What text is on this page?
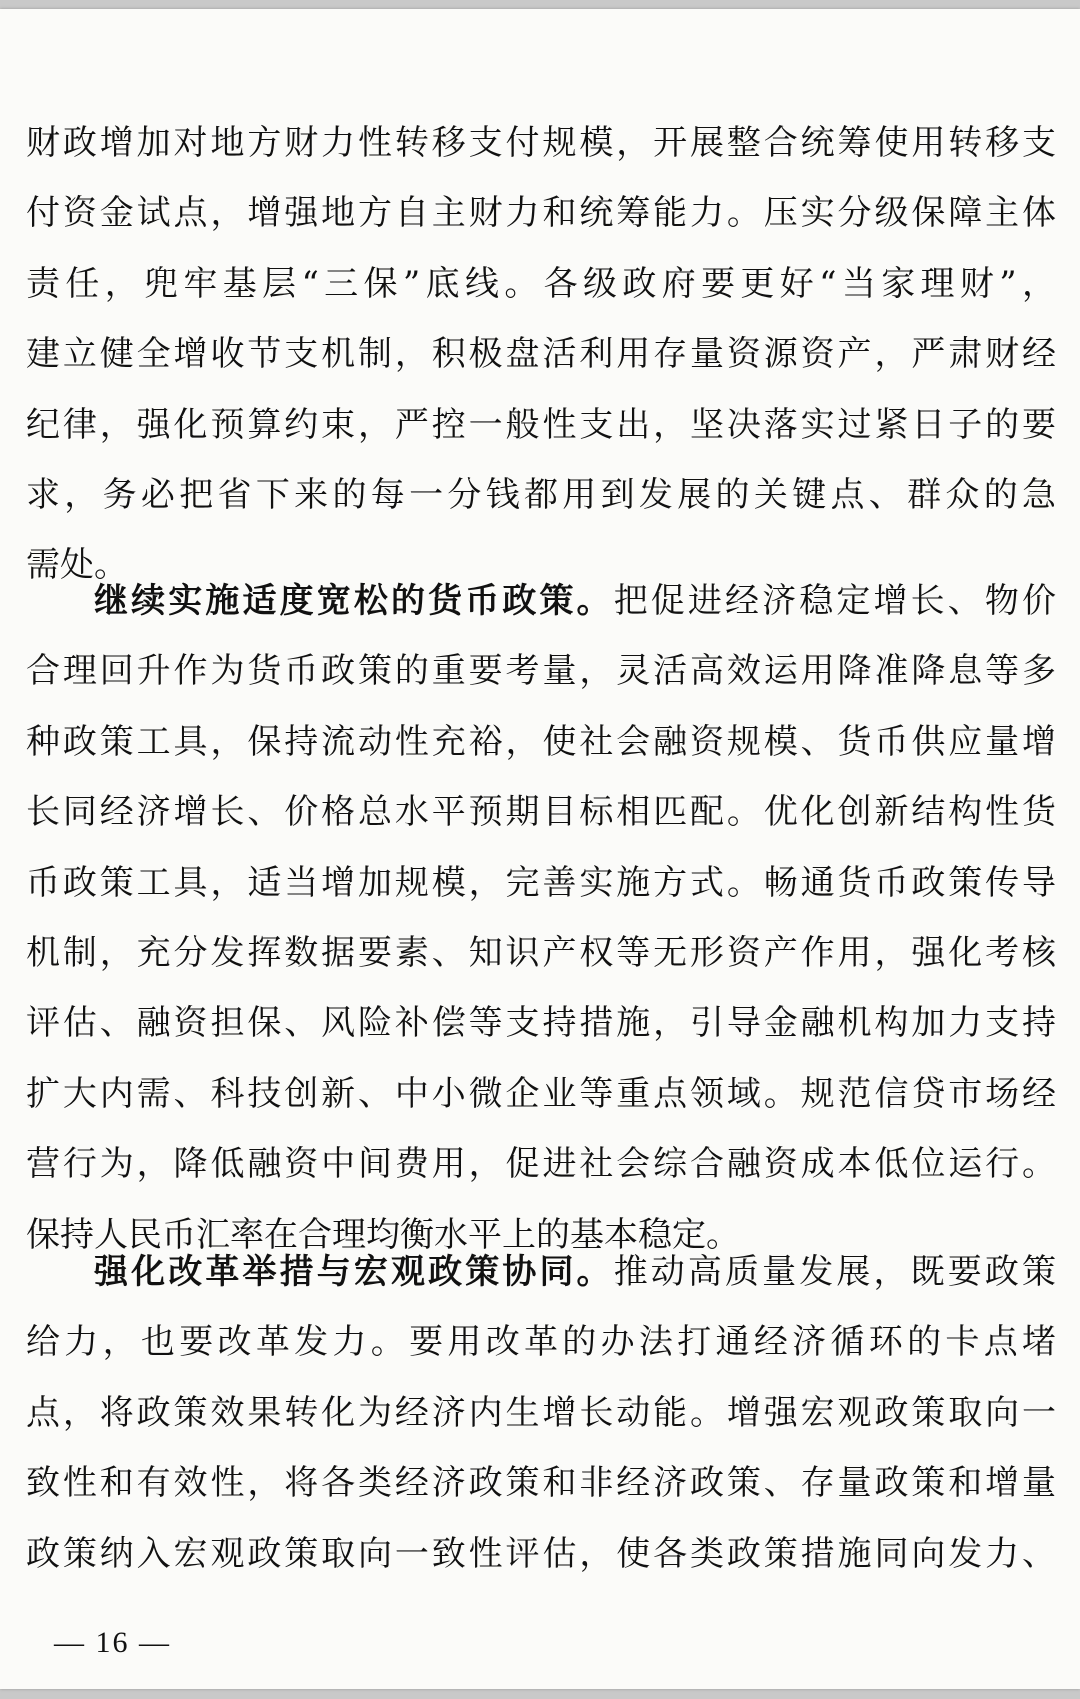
财政增加对地方财力性转移支付规模，开展整合统筹使用转移支
付资金试点，增强地方自主财力和统筹能力。压实分级保障主体
责任，兜牢基层“三保”底线。各级政府要更好“当家理财”，
建立健全增收节支机制，积极盘活利用存量资源资产，严肃财经
纪律，强化预算约束，严控一般性支出，坚决落实过紧日子的要
求，务必把省下来的每一分钱都用到发展的关键点、群众的急
需处。
继续实施适度宽松的货币政策。把促进经济稳定增长、物价
合理回升作为货币政策的重要考量，灵活高效运用降准降息等多
种政策工具，保持流动性充裕，使社会融资规模、货币供应量增
长同经济增长、价格总水平预期目标相匹配。优化创新结构性货
币政策工具，适当增加规模，完善实施方式。畅通货币政策传导
机制，充分发挥数据要素、知识产权等无形资产作用，强化考核
评估、融资担保、风险补偿等支持措施，引导金融机构加力支持
扩大内需、科技创新、中小微企业等重点领域。规范信贷市场经
营行为，降低融资中间费用，促进社会综合融资成本低位运行。
保持人民币汇率在合理均衡水平上的基本稳定。
强化改革举措与宏观政策协同。推动高质量发展，既要政策
给力，也要改革发力。要用改革的办法打通经济循环的卡点堵
点，将政策效果转化为经济内生增长动能。增强宏观政策取向一
致性和有效性，将各类经济政策和非经济政策、存量政策和增量
政策纳入宏观政策取向一致性评估，使各类政策措施同向发力、
— 16 —
